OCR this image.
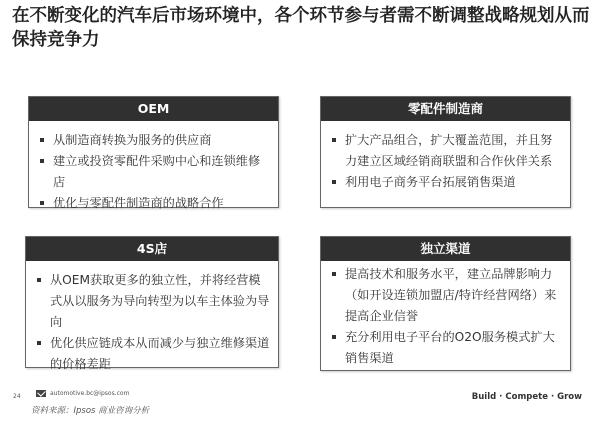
在不断变化的汽车后市场环境中，各个环节参与者需不断调整战略规划从而保持竞争力
OEM
从制造商转换为服务的供应商
建立或投资零配件采购中心和连锁维修店
优化与零配件制造商的战略合作
零配件制造商
扩大产品组合，扩大覆盖范围，并且努力建立区域经销商联盟和合作伙伴关系
利用电子商务平台拓展销售渠道
4S店
从OEM获取更多的独立性，并将经营模式从以服务为导向转型为以车主体验为导向
优化供应链成本从而减少与独立维修渠道的价格差距
独立渠道
提高技术和服务水平，建立品牌影响力（如开设连锁加盟店/特许经营网络）来提高企业信誉
充分利用电子平台的O2O服务模式扩大销售渠道
24	automotive.bc@ipsos.com
资料来源：Ipsos 商业咨询分析
Build · Compete · Grow
